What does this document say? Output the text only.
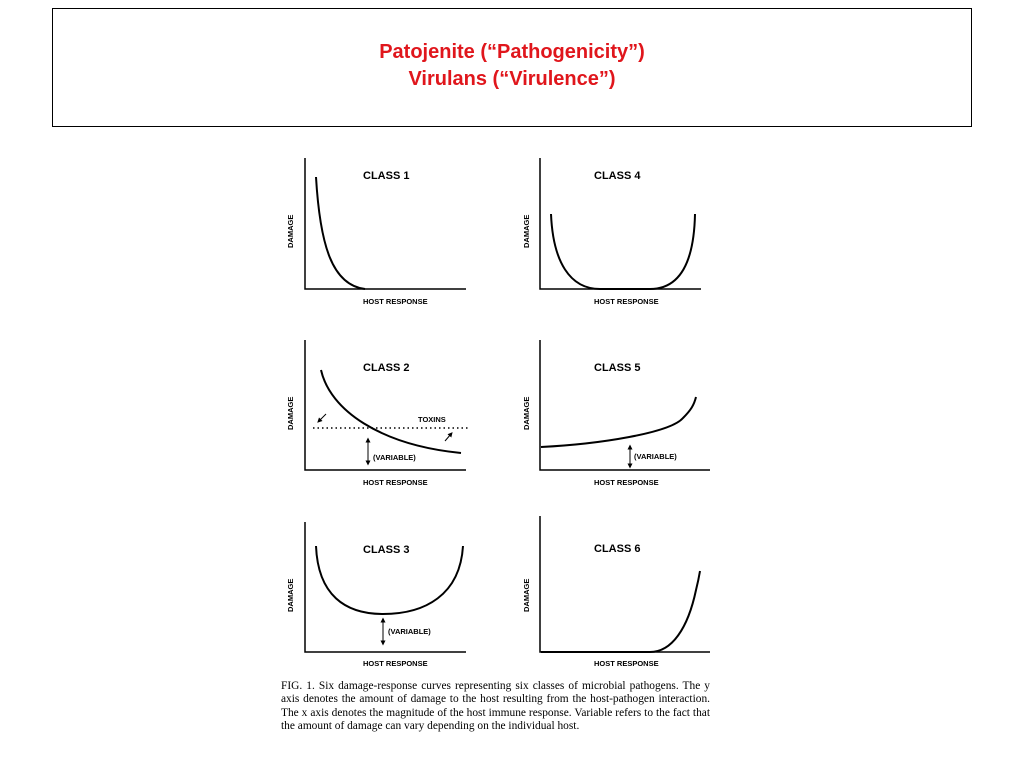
Patojenite (“Pathogenicity”)
Virulans (“Virulence”)
CLASS 1
DAMAGE
HOST RESPONSE
CLASS 4
DAMAGE
HOST RESPONSE
TOXINS
(VARIABLE)
CLASS 2
DAMAGE
HOST RESPONSE
(VARIABLE)
CLASS 5
DAMAGE
HOST RESPONSE
(VARIABLE)
CLASS 3
DAMAGE
HOST RESPONSE
CLASS 6
DAMAGE
HOST RESPONSE
FIG. 1. Six damage-response curves representing six classes of microbial pathogens. The y axis denotes the amount of damage to the host resulting from the host-pathogen interaction. The x axis denotes the magnitude of the host immune response. Variable refers to the fact that the amount of damage can vary depending on the individual host.
